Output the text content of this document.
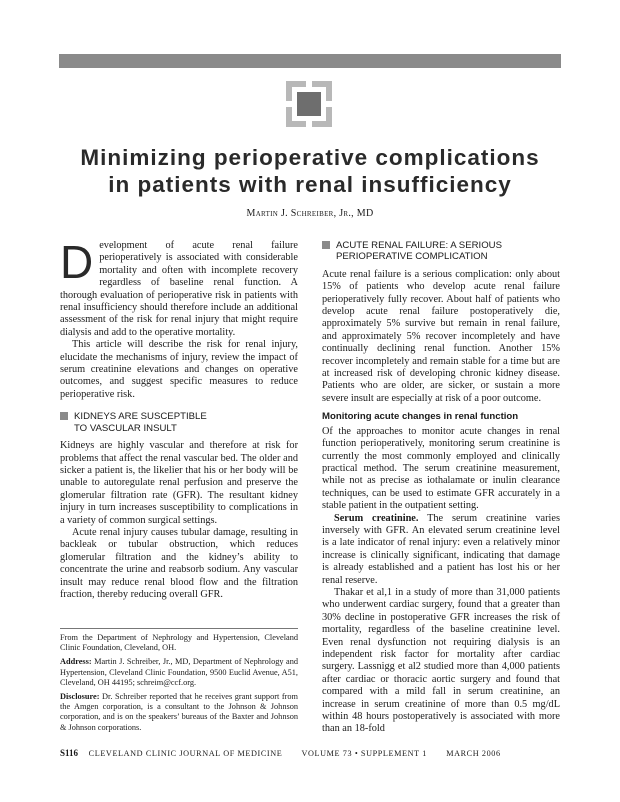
Minimizing perioperative complications
in patients with renal insufficiency
Martin J. Schreiber, Jr., MD

D evelopment of acute renal failure perioperatively is associated with considerable mortality and often with incomplete recovery regardless of baseline renal function. A thorough evaluation of perioperative risk in patients with renal insufficiency should therefore include an additional assessment of the risk for renal injury that might require dialysis and add to the operative mortality.

This article will describe the risk for renal injury, elucidate the mechanisms of injury, review the impact of serum creatinine elevations and changes on operative outcomes, and suggest specific measures to reduce perioperative risk.

KIDNEYS ARE SUSCEPTIBLE
TO VASCULAR INSULT

Kidneys are highly vascular and therefore at risk for problems that affect the renal vascular bed. The older and sicker a patient is, the likelier that his or her body will be unable to autoregulate renal perfusion and preserve the glomerular filtration rate (GFR). The resultant kidney injury in turn increases susceptibility to complications in a variety of common surgical settings.

Acute renal injury causes tubular damage, resulting in backleak or tubular obstruction, which reduces glomerular filtration and the kidney’s ability to concentrate the urine and reabsorb sodium. Any vascular insult may reduce renal blood flow and the filtration fraction, thereby reducing overall GFR.

From the Department of Nephrology and Hypertension, Cleveland Clinic Foundation, Cleveland, OH.

Address: Martin J. Schreiber, Jr., MD, Department of Nephrology and Hypertension, Cleveland Clinic Foundation, 9500 Euclid Avenue, A51, Cleveland, OH 44195; schreim@ccf.org.

Disclosure: Dr. Schreiber reported that he receives grant support from the Amgen corporation, is a consultant to the Johnson & Johnson corporation, and is on the speakers’ bureaus of the Baxter and Johnson & Johnson corporations.

ACUTE RENAL FAILURE: A SERIOUS
PERIOPERATIVE COMPLICATION

Acute renal failure is a serious complication: only about 15% of patients who develop acute renal failure perioperatively fully recover. About half of patients who develop acute renal failure postoperatively die, approximately 5% survive but remain in renal failure, and approximately 5% recover incompletely and have continually declining renal function. Another 15% recover incompletely and remain stable for a time but are at increased risk of developing chronic kidney disease. Patients who are older, are sicker, or sustain a more severe insult are especially at risk of a poor outcome.

Monitoring acute changes in renal function

Of the approaches to monitor acute changes in renal function perioperatively, monitoring serum creatinine is currently the most commonly employed and clinically practical method. The serum creatinine measurement, while not as precise as iothalamate or inulin clearance techniques, can be used to estimate GFR accurately in a stable patient in the outpatient setting.

Serum creatinine. The serum creatinine varies inversely with GFR. An elevated serum creatinine level is a late indicator of renal injury: even a relatively minor increase is clinically significant, indicating that damage is already established and a patient has lost his or her renal reserve.

Thakar et al,1 in a study of more than 31,000 patients who underwent cardiac surgery, found that a greater than 30% decline in postoperative GFR increases the risk of mortality, regardless of the baseline creatinine level. Even renal dysfunction not requiring dialysis is an independent risk factor for mortality after cardiac surgery. Lassnigg et al2 studied more than 4,000 patients after cardiac or thoracic aortic surgery and found that compared with a mild fall in serum creatinine, an increase in serum creatinine of more than 0.5 mg/dL within 48 hours postoperatively is associated with more than an 18-fold

S116 CLEVELAND CLINIC JOURNAL OF MEDICINE VOLUME 73 • SUPPLEMENT 1 MARCH 2006
